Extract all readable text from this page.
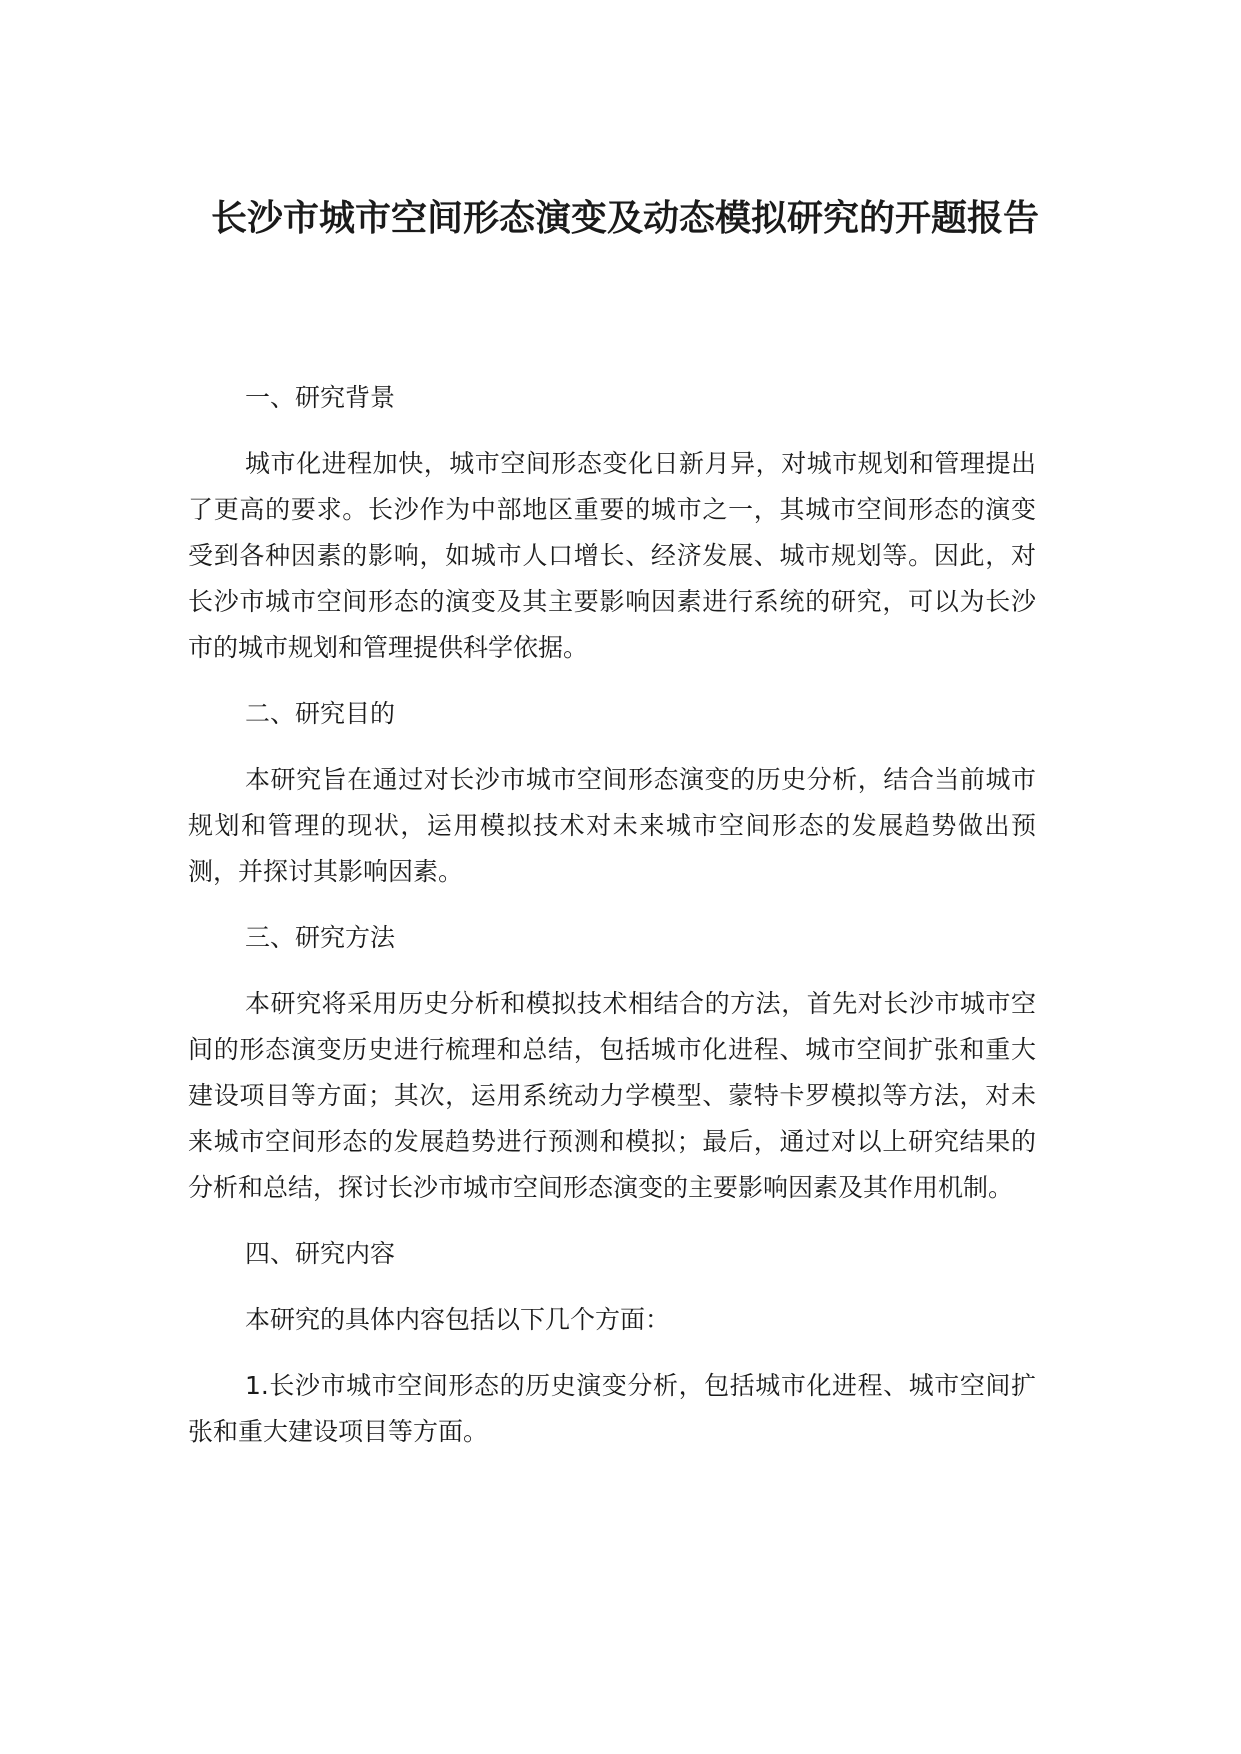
长沙市城市空间形态演变及动态模拟研究的开题报告

一、研究背景

城市化进程加快，城市空间形态变化日新月异，对城市规划和管理提出了更高的要求。长沙作为中部地区重要的城市之一，其城市空间形态的演变受到各种因素的影响，如城市人口增长、经济发展、城市规划等。因此，对长沙市城市空间形态的演变及其主要影响因素进行系统的研究，可以为长沙市的城市规划和管理提供科学依据。

二、研究目的

本研究旨在通过对长沙市城市空间形态演变的历史分析，结合当前城市规划和管理的现状，运用模拟技术对未来城市空间形态的发展趋势做出预测，并探讨其影响因素。

三、研究方法

本研究将采用历史分析和模拟技术相结合的方法，首先对长沙市城市空间的形态演变历史进行梳理和总结，包括城市化进程、城市空间扩张和重大建设项目等方面；其次，运用系统动力学模型、蒙特卡罗模拟等方法，对未来城市空间形态的发展趋势进行预测和模拟；最后，通过对以上研究结果的分析和总结，探讨长沙市城市空间形态演变的主要影响因素及其作用机制。

四、研究内容

本研究的具体内容包括以下几个方面：

1.长沙市城市空间形态的历史演变分析，包括城市化进程、城市空间扩张和重大建设项目等方面。
